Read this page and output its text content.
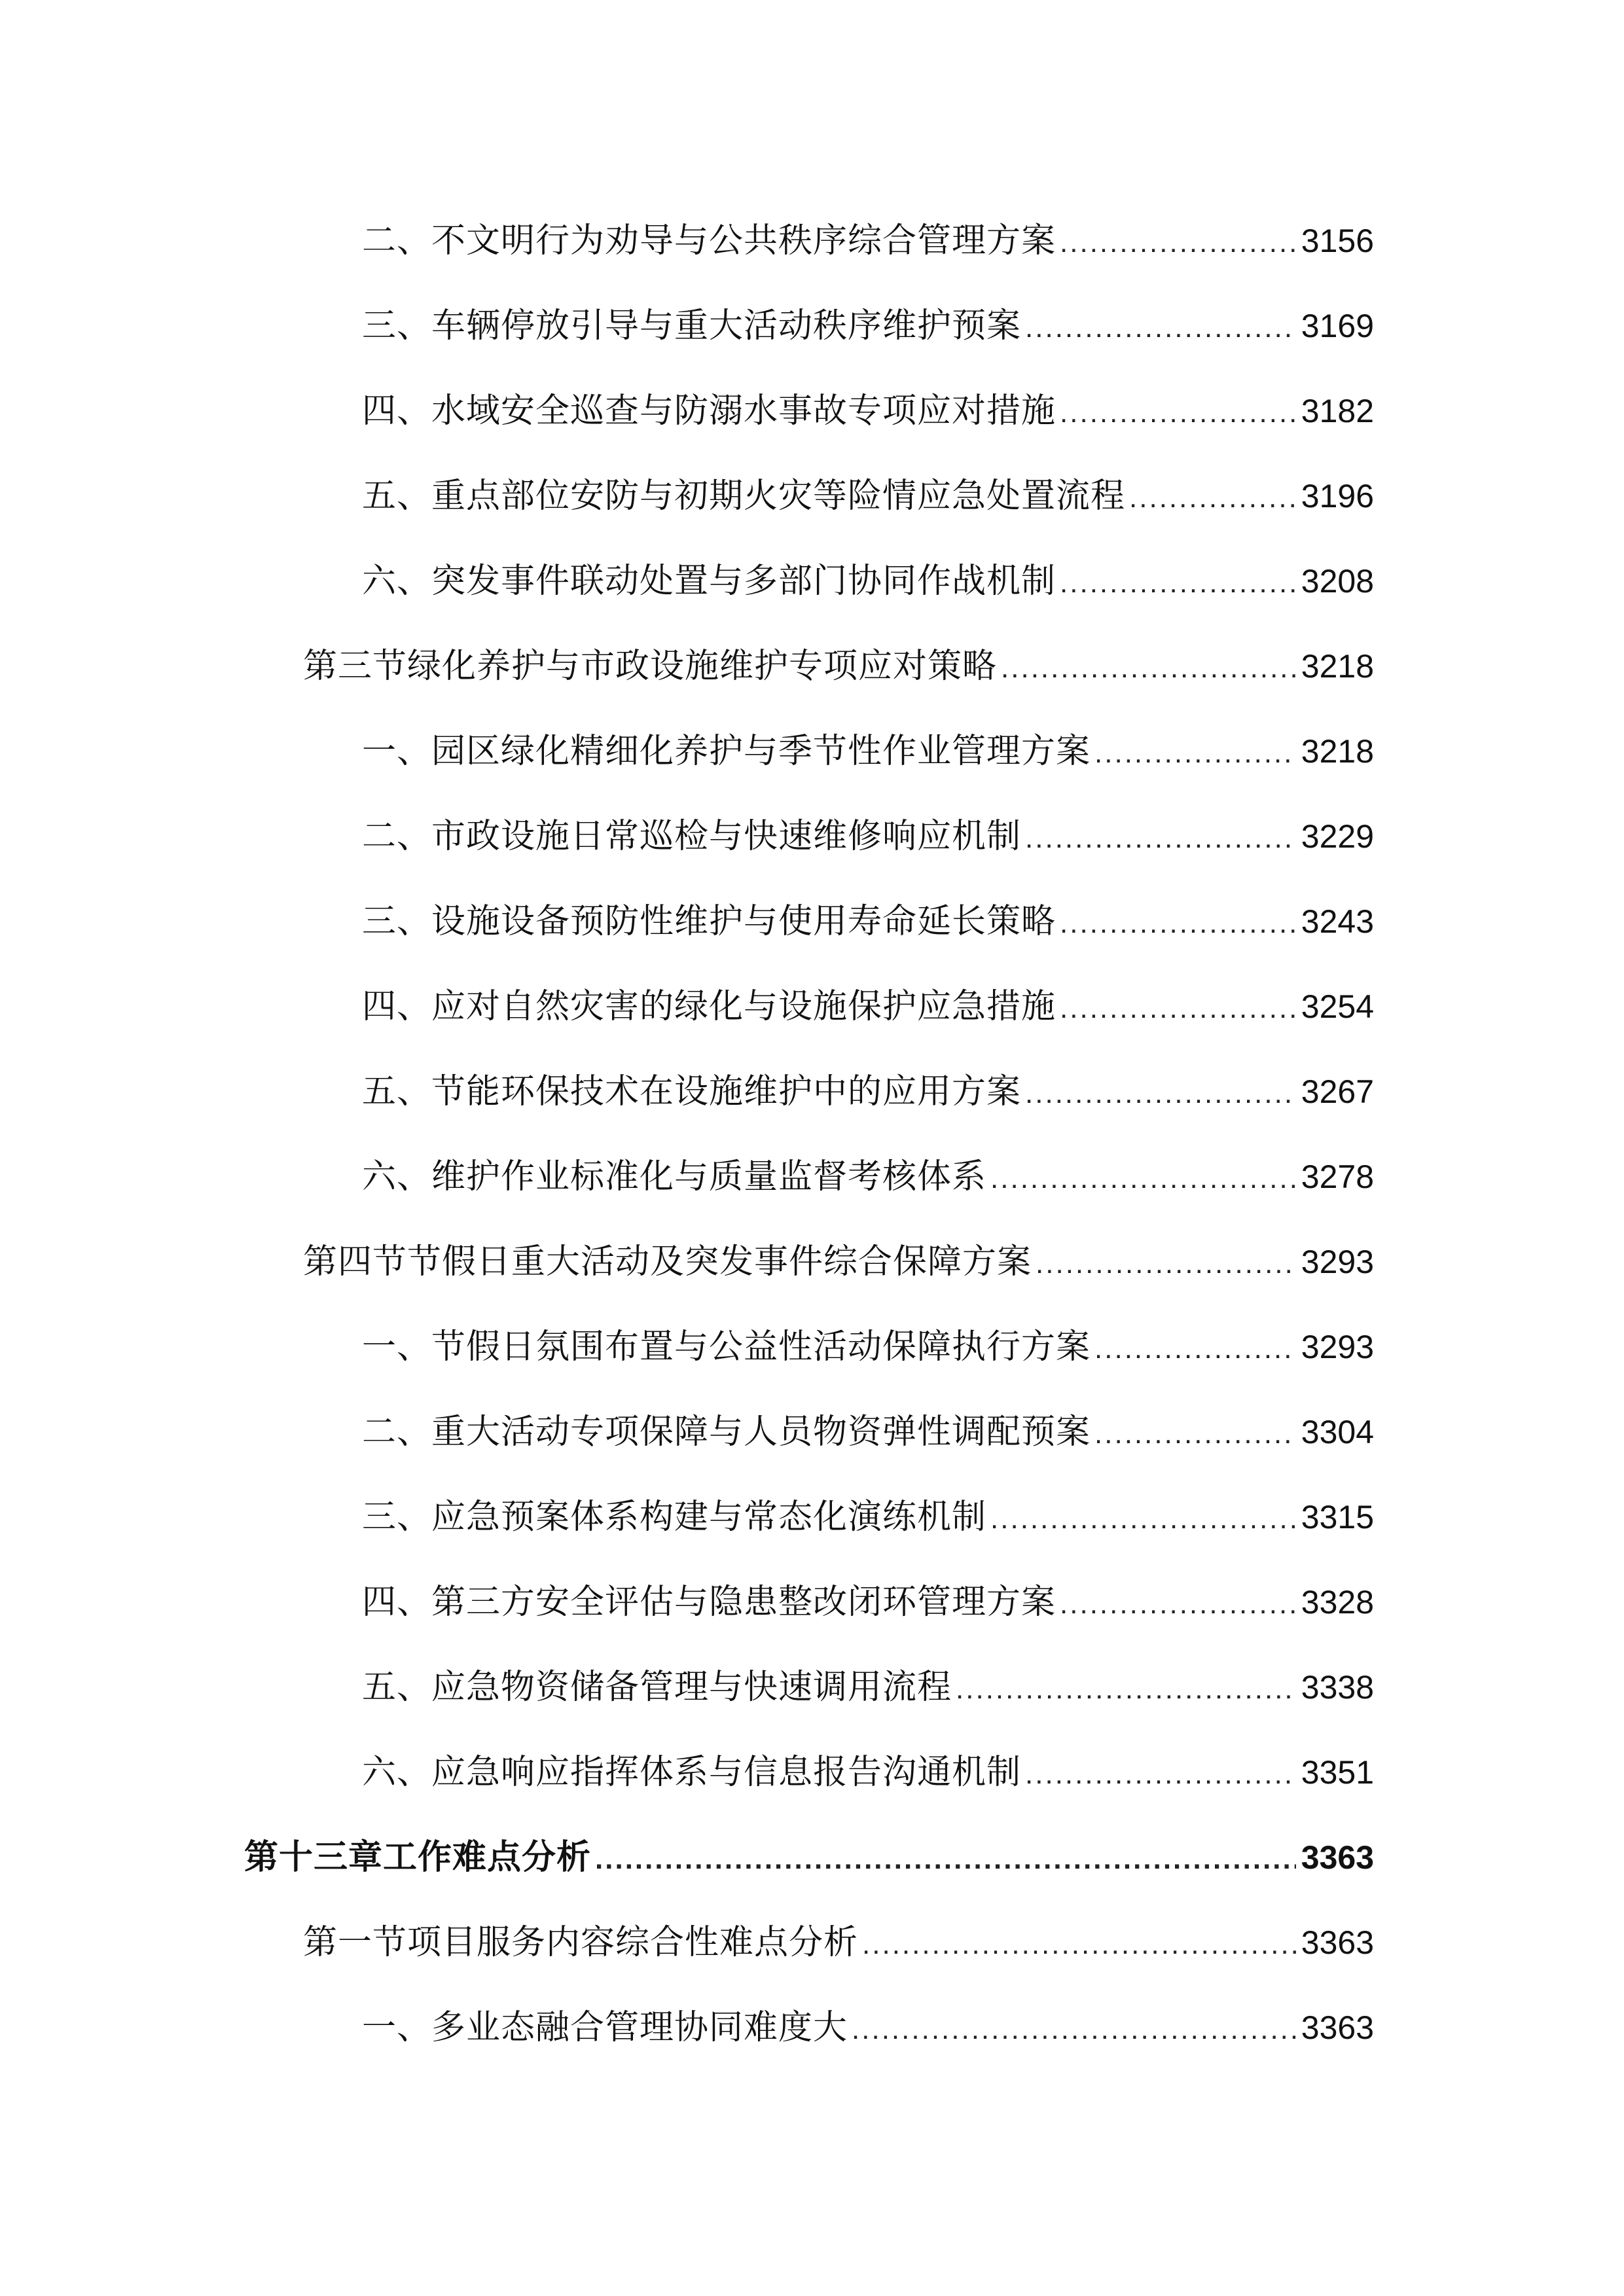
二、不文明行为劝导与公共秩序综合管理方案 .....	3156
三、车辆停放引导与重大活动秩序维护预案 .....	3169
四、水域安全巡查与防溺水事故专项应对措施 .....	3182
五、重点部位安防与初期火灾等险情应急处置流程 .....	3196
六、突发事件联动处置与多部门协同作战机制 .....	3208
第三节绿化养护与市政设施维护专项应对策略 .....	3218
一、园区绿化精细化养护与季节性作业管理方案 .....	3218
二、市政设施日常巡检与快速维修响应机制 .....	3229
三、设施设备预防性维护与使用寿命延长策略 .....	3243
四、应对自然灾害的绿化与设施保护应急措施 .....	3254
五、节能环保技术在设施维护中的应用方案 .....	3267
六、维护作业标准化与质量监督考核体系 .....	3278
第四节节假日重大活动及突发事件综合保障方案 .....	3293
一、节假日氛围布置与公益性活动保障执行方案 .....	3293
二、重大活动专项保障与人员物资弹性调配预案 .....	3304
三、应急预案体系构建与常态化演练机制 .....	3315
四、第三方安全评估与隐患整改闭环管理方案 .....	3328
五、应急物资储备管理与快速调用流程 .....	3338
六、应急响应指挥体系与信息报告沟通机制 .....	3351
第十三章工作难点分析 .....	3363
第一节项目服务内容综合性难点分析 .....	3363
一、多业态融合管理协同难度大 .....	3363
